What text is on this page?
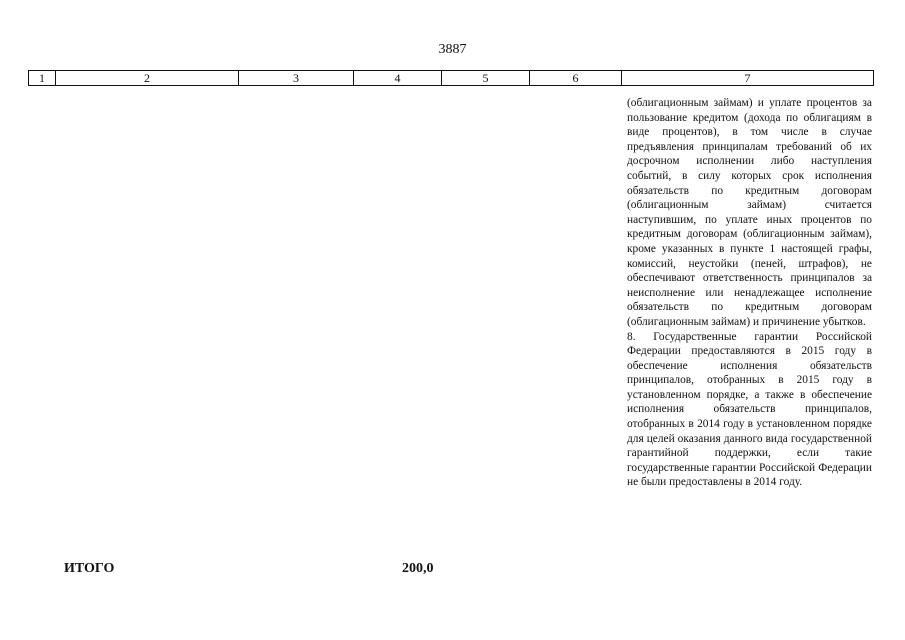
3887
1	2	3	4	5	6	7

(облигационным займам) и уплате процентов за пользование кредитом (дохода по облигациям в виде процентов), в том числе в случае предъявления принципалам требований об их досрочном исполнении либо наступления событий, в силу которых срок исполнения обязательств по кредитным договорам (облигационным займам) считается наступившим, по уплате иных процентов по кредитным договорам (облигационным займам), кроме указанных в пункте 1 настоящей графы, комиссий, неустойки (пеней, штрафов), не обеспечивают ответственность принципалов за неисполнение или ненадлежащее исполнение обязательств по кредитным договорам (облигационным займам) и причинение убытков.

8. Государственные гарантии Российской Федерации предоставляются в 2015 году в обеспечение исполнения обязательств принципалов, отобранных в 2015 году в установленном порядке, а также в обеспечение исполнения обязательств принципалов, отобранных в 2014 году в установленном порядке для целей оказания данного вида государственной гарантийной поддержки, если такие государственные гарантии Российской Федерации не были предоставлены в 2014 году.

ИТОГО	200,0
